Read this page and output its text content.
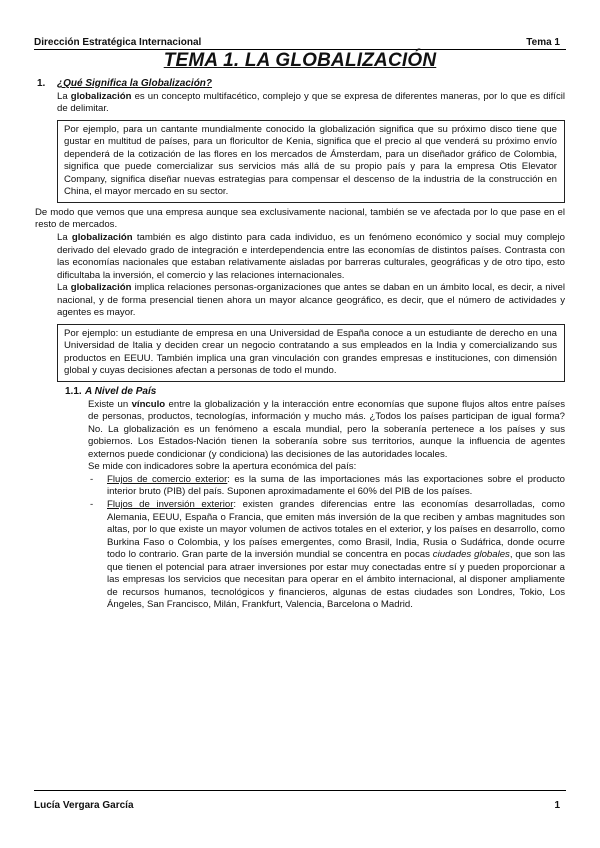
Dirección Estratégica Internacional	Tema 1
TEMA 1. LA GLOBALIZACIÓN
1. ¿Qué Significa la Globalización?

La globalización es un concepto multifacético, complejo y que se expresa de diferentes maneras, por lo que es difícil de delimitar.

Por ejemplo, para un cantante mundialmente conocido la globalización significa que su próximo disco tiene que gustar en multitud de países, para un floricultor de Kenia, significa que el precio al que venderá su próximo envío dependerá de la cotización de las flores en los mercados de Ámsterdam, para un diseñador gráfico de Colombia, significa que puede comercializar sus servicios más allá de su propio país y para la empresa Otis Elevator Company, significa diseñar nuevas estrategias para compensar el descenso de la industria de la construcción en China, el mayor mercado en su sector.

De modo que vemos que una empresa aunque sea exclusivamente nacional, también se ve afectada por lo que pase en el resto de mercados.

La globalización también es algo distinto para cada individuo, es un fenómeno económico y social muy complejo derivado del elevado grado de integración e interdependencia entre las economías de distintos países. Contrasta con las economías nacionales que estaban relativamente aisladas por barreras culturales, geográficas y de otro tipo, esto dificultaba la inversión, el comercio y las relaciones internacionales.

La globalización implica relaciones personas-organizaciones que antes se daban en un ámbito local, es decir, a nivel nacional, y de forma presencial tienen ahora un mayor alcance geográfico, es decir, que el número de actividades y agentes es mayor.

Por ejemplo: un estudiante de empresa en una Universidad de España conoce a un estudiante de derecho en una Universidad de Italia y deciden crear un negocio contratando a sus empleados en la India y comercializando sus productos en EEUU. También implica una gran vinculación con grandes empresas e instituciones, con dimensión global y cuyas decisiones afectan a personas de todo el mundo.
1.1. A Nivel de País

Existe un vínculo entre la globalización y la interacción entre economías que supone flujos altos entre países de personas, productos, tecnologías, información y mucho más. ¿Todos los países participan de igual forma? No. La globalización es un fenómeno a escala mundial, pero la soberanía pertenece a los países y sus gobiernos. Los Estados-Nación tienen la soberanía sobre sus territorios, aunque la influencia de agentes externos puede condicionar (y condiciona) las decisiones de las autoridades locales.

Se mide con indicadores sobre la apertura económica del país:

- Flujos de comercio exterior: es la suma de las importaciones más las exportaciones sobre el producto interior bruto (PIB) del país. Suponen aproximadamente el 60% del PIB de los países.
- Flujos de inversión exterior: existen grandes diferencias entre las economías desarrolladas, como Alemania, EEUU, España o Francia, que emiten más inversión de la que reciben y ambas magnitudes son altas, por lo que existe un mayor volumen de activos totales en el exterior, y los países en desarrollo, como Burkina Faso o Colombia, y los países emergentes, como Brasil, India, Rusia o Sudáfrica, donde ocurre todo lo contrario. Gran parte de la inversión mundial se concentra en pocas ciudades globales, que son las que tienen el potencial para atraer inversiones por estar muy conectadas entre sí y pueden proporcionar a las empresas los servicios que necesitan para operar en el ámbito internacional, al disponer ampliamente de recursos humanos, tecnológicos y financieros, algunas de estas ciudades son Londres, Tokio, Los Ángeles, San Francisco, Milán, Frankfurt, Valencia, Barcelona o Madrid.
Lucía Vergara García	1
